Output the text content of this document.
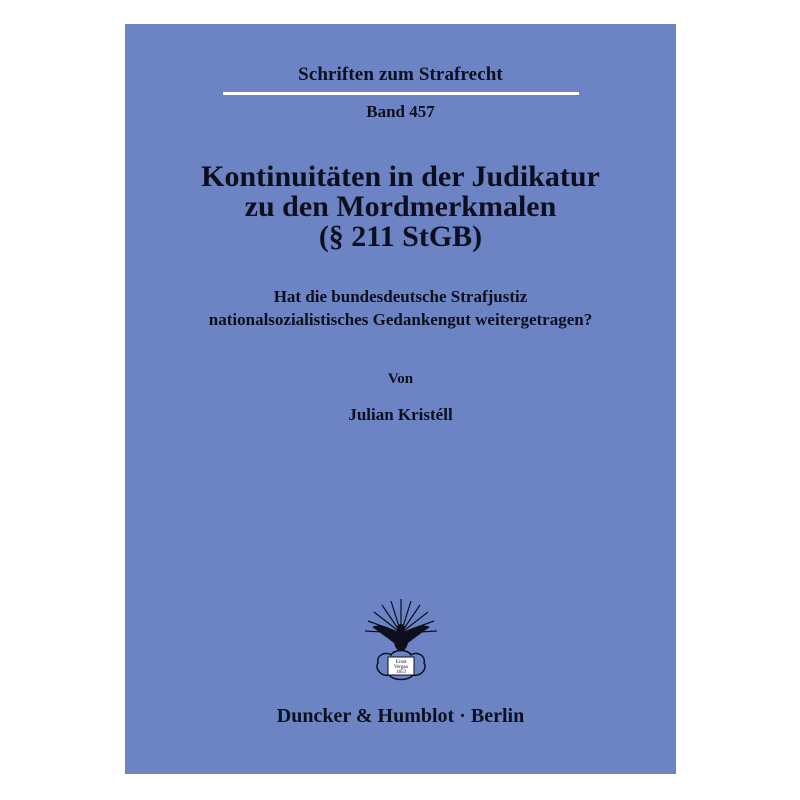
Schriften zum Strafrecht
Band 457
Kontinuitäten in der Judikatur
zu den Mordmerkmalen
(§ 211 StGB)
Hat die bundesdeutsche Strafjustiz
nationalsozialistisches Gedankengut weitergetragen?
Von
Julian Kristéll
Ernst
Vergan
1853
Duncker & Humblot · Berlin
